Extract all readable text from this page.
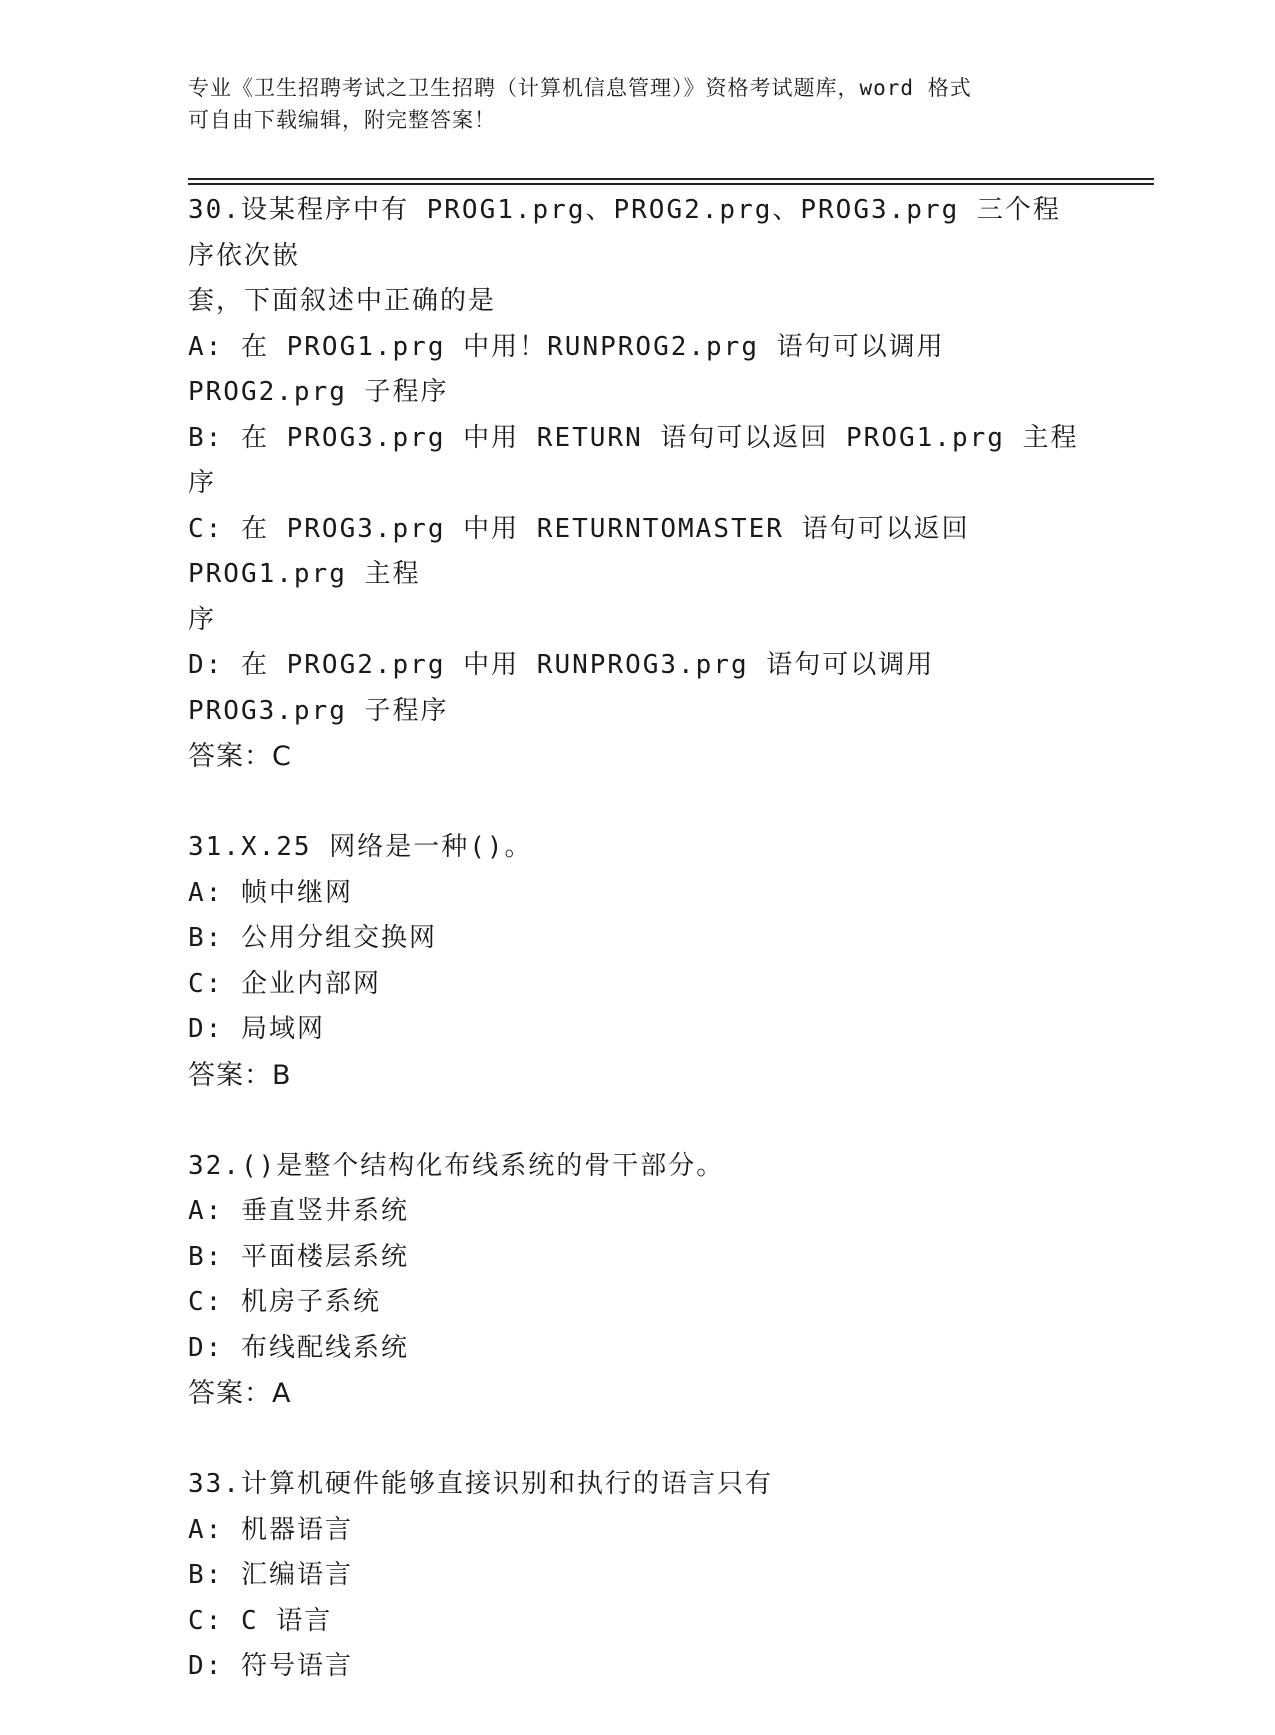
专业《卫生招聘考试之卫生招聘（计算机信息管理）》资格考试题库，word 格式
可自由下载编辑，附完整答案！
30.设某程序中有 PROG1.prg、PROG2.prg、PROG3.prg 三个程序依次嵌
套，下面叙述中正确的是
A: 在 PROG1.prg 中用！RUNPROG2.prg 语句可以调用 PROG2.prg 子程序
B: 在 PROG3.prg 中用 RETURN 语句可以返回 PROG1.prg 主程序
C: 在 PROG3.prg 中用 RETURNTOMASTER 语句可以返回 PROG1.prg 主程
序
D: 在 PROG2.prg 中用 RUNPROG3.prg 语句可以调用 PROG3.prg 子程序
答案：C
31.X.25 网络是一种()。
A: 帧中继网
B: 公用分组交换网
C: 企业内部网
D: 局域网
答案：B
32.()是整个结构化布线系统的骨干部分。
A: 垂直竖井系统
B: 平面楼层系统
C: 机房子系统
D: 布线配线系统
答案：A
33.计算机硬件能够直接识别和执行的语言只有
A: 机器语言
B: 汇编语言
C: C 语言
D: 符号语言
